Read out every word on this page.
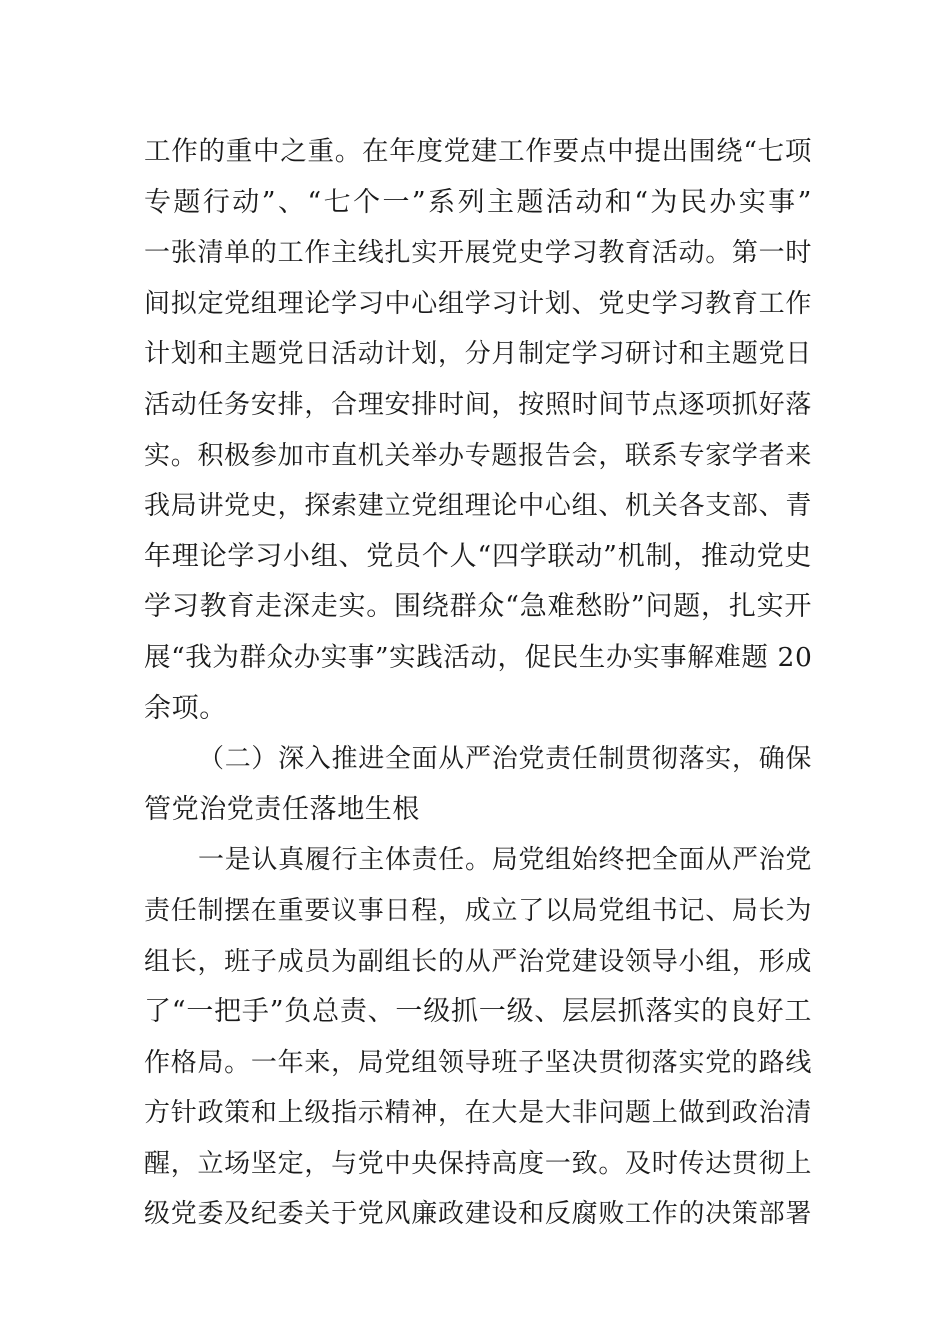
工作的重中之重。在年度党建工作要点中提出围绕“七项
专题行动”、“七个一”系列主题活动和“为民办实事”
一张清单的工作主线扎实开展党史学习教育活动。第一时
间拟定党组理论学习中心组学习计划、党史学习教育工作
计划和主题党日活动计划，分月制定学习研讨和主题党日
活动任务安排，合理安排时间，按照时间节点逐项抓好落
实。积极参加市直机关举办专题报告会，联系专家学者来
我局讲党史，探索建立党组理论中心组、机关各支部、青
年理论学习小组、党员个人“四学联动”机制，推动党史
学习教育走深走实。围绕群众“急难愁盼”问题，扎实开
展“我为群众办实事”实践活动，促民生办实事解难题 20
余项。
（二）深入推进全面从严治党责任制贯彻落实，确保
管党治党责任落地生根
一是认真履行主体责任。局党组始终把全面从严治党
责任制摆在重要议事日程，成立了以局党组书记、局长为
组长，班子成员为副组长的从严治党建设领导小组，形成
了“一把手”负总责、一级抓一级、层层抓落实的良好工
作格局。一年来，局党组领导班子坚决贯彻落实党的路线
方针政策和上级指示精神，在大是大非问题上做到政治清
醒，立场坚定，与党中央保持高度一致。及时传达贯彻上
级党委及纪委关于党风廉政建设和反腐败工作的决策部署
